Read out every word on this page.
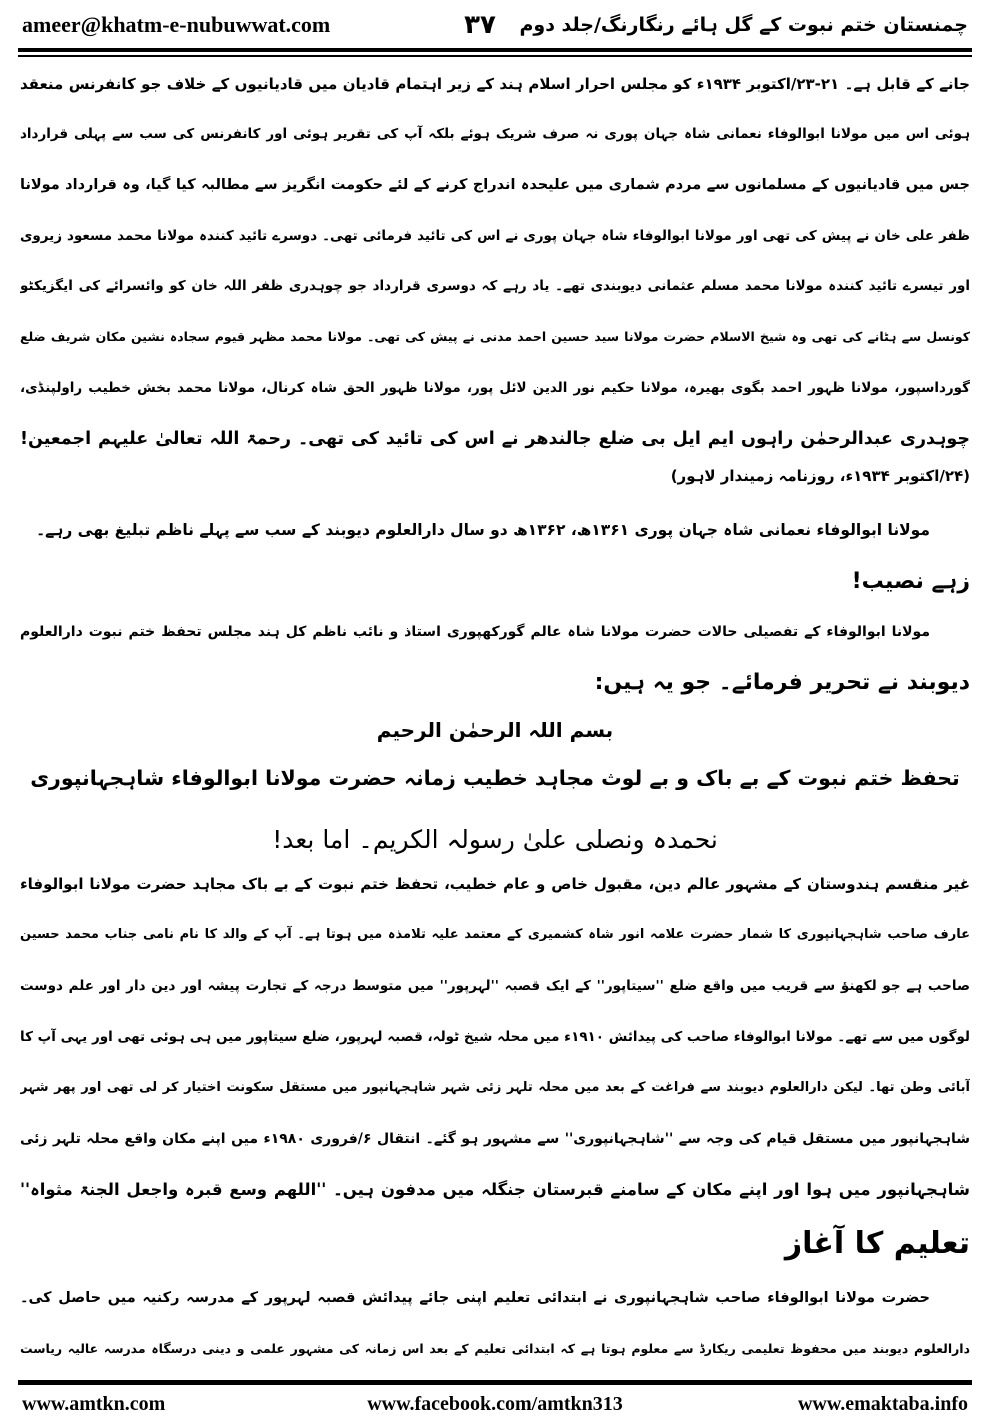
ameer@khatm-e-nubuwwat.com	۳۷	چمنستان ختم نبوت کے گل ہائے رنگارنگ/جلد دوم
جانے کے قابل ہے۔ ۲۱-۲۳/اکتوبر ۱۹۳۴ء کو مجلس احرار اسلام ہند کے زیر اہتمام قادیان میں قادیانیوں کے خلاف جو کانفرنس منعقد
ہوئی اس میں مولانا ابوالوفاء نعمانی شاہ جہان پوری نہ صرف شریک ہوئے بلکہ آپ کی تقریر ہوئی اور کانفرنس کی سب سے پہلی قرارداد
جس میں قادیانیوں کے مسلمانوں سے مردم شماری میں علیحدہ اندراج کرنے کے لئے حکومت انگریز سے مطالبہ کیا گیا، وہ قرارداد مولانا
ظفر علی خان نے پیش کی تھی اور مولانا ابوالوفاء شاہ جہان پوری نے اس کی تائید فرمائی تھی۔ دوسرے تائید کنندہ مولانا محمد مسعود زیروی
اور تیسرے تائید کنندہ مولانا محمد مسلم عثمانی دیوبندی تھے۔ یاد رہے کہ دوسری قرارداد جو چوہدری ظفر اللہ خان کو وائسرائے کی ایگزیکٹو
کونسل سے ہٹانے کی تھی وہ شیخ الاسلام حضرت مولانا سید حسین احمد مدنی نے پیش کی تھی۔ مولانا محمد مظہر قیوم سجادہ نشین مکان شریف ضلع
گورداسپور، مولانا ظہور احمد بگوی بھیرہ، مولانا حکیم نور الدین لائل پور، مولانا ظہور الحق شاہ کرنال، مولانا محمد بخش خطیب راولپنڈی،
چوہدری عبدالرحمٰن راہوں ایم ایل بی ضلع جالندھر نے اس کی تائید کی تھی۔ رحمۃ اللہ تعالیٰ علیہم اجمعین!
(۲۴/اکتوبر ۱۹۳۴ء، روزنامہ زمیندار لاہور)
مولانا ابوالوفاء نعمانی شاہ جہان پوری ۱۳۶۱ھ، ۱۳۶۲ھ دو سال دارالعلوم دیوبند کے سب سے پہلے ناظم تبلیغ بھی رہے۔
زہے نصیب!
مولانا ابوالوفاء کے تفصیلی حالات حضرت مولانا شاہ عالم گورکھپوری استاذ و نائب ناظم کل ہند مجلس تحفظ ختم نبوت دارالعلوم
دیوبند نے تحریر فرمائے۔ جو یہ ہیں:
بسم اللہ الرحمٰن الرحیم
تحفظ ختم نبوت کے بے باک و بے لوث مجاہد خطیب زمانہ حضرت مولانا ابوالوفاء شاہجہانپوری
نحمدہ ونصلی علیٰ رسولہ الکریم۔ اما بعد!
غیر منقسم ہندوستان کے مشہور عالم دین، مقبول خاص و عام خطیب، تحفظ ختم نبوت کے بے باک مجاہد حضرت مولانا ابوالوفاء
عارف صاحب شاہجہانپوری کا شمار حضرت علامہ انور شاہ کشمیری کے معتمد علیہ تلامذہ میں ہوتا ہے۔ آپ کے والد کا نام نامی جناب محمد حسین
صاحب ہے جو لکھنؤ سے قریب میں واقع ضلع ''سیتاپور'' کے ایک قصبہ ''لہرپور'' میں متوسط درجہ کے تجارت پیشہ اور دین دار اور علم دوست
لوگوں میں سے تھے۔ مولانا ابوالوفاء صاحب کی پیدائش ۱۹۱۰ء میں محلہ شیخ ٹولہ، قصبہ لہرپور، ضلع سیتاپور میں ہی ہوئی تھی اور یہی آپ کا
آبائی وطن تھا۔ لیکن دارالعلوم دیوبند سے فراغت کے بعد میں محلہ تلہر زئی شہر شاہجہانپور میں مستقل سکونت اختیار کر لی تھی اور پھر شہر
شاہجہانپور میں مستقل قیام کی وجہ سے ''شاہجہانپوری'' سے مشہور ہو گئے۔ انتقال ۶/فروری ۱۹۸۰ء میں اپنے مکان واقع محلہ تلہر زئی
شاہجہانپور میں ہوا اور اپنے مکان کے سامنے قبرستان جنگلہ میں مدفون ہیں۔ ''اللھم وسع قبرہ واجعل الجنۃ مثواہ''
تعلیم کا آغاز
حضرت مولانا ابوالوفاء صاحب شاہجہانپوری نے ابتدائی تعلیم اپنی جائے پیدائش قصبہ لہرپور کے مدرسہ رکنیہ میں حاصل کی۔
دارالعلوم دیوبند میں محفوظ تعلیمی ریکارڈ سے معلوم ہوتا ہے کہ ابتدائی تعلیم کے بعد اس زمانہ کی مشہور علمی و دینی درسگاہ مدرسہ عالیہ ریاست
www.amtkn.com	www.facebook.com/amtkn313	www.emaktaba.info
